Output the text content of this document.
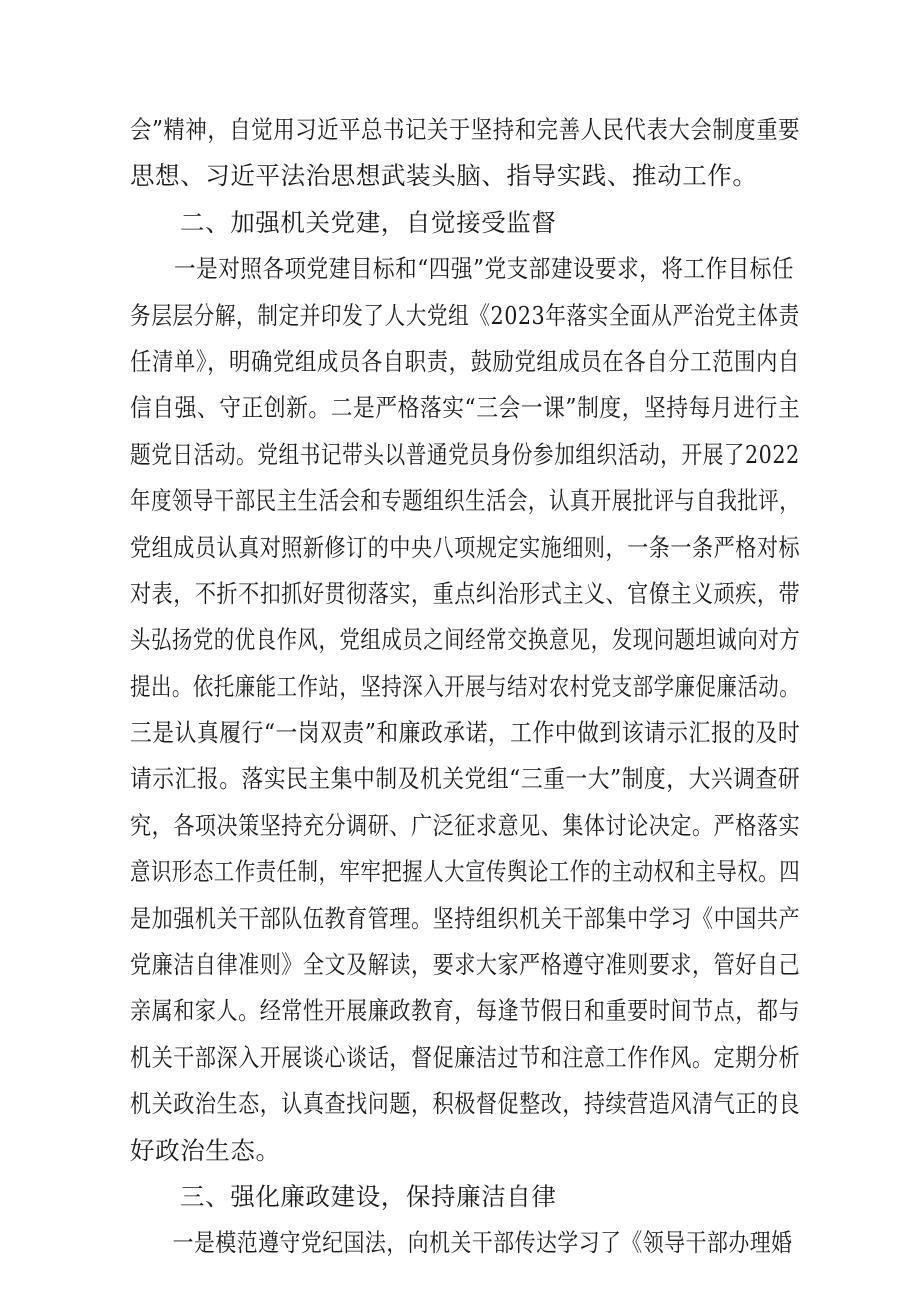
会”精神，自觉用习近平总书记关于坚持和完善人民代表大会制度重要
思想、习近平法治思想武装头脑、指导实践、推动工作。
二、加强机关党建，自觉接受监督
一是对照各项党建目标和“四强”党支部建设要求，将工作目标任
务层层分解，制定并印发了人大党组《2023年落实全面从严治党主体责
任清单》，明确党组成员各自职责，鼓励党组成员在各自分工范围内自
信自强、守正创新。二是严格落实“三会一课”制度，坚持每月进行主
题党日活动。党组书记带头以普通党员身份参加组织活动，开展了2022
年度领导干部民主生活会和专题组织生活会，认真开展批评与自我批评，
党组成员认真对照新修订的中央八项规定实施细则，一条一条严格对标
对表，不折不扣抓好贯彻落实，重点纠治形式主义、官僚主义顽疾，带
头弘扬党的优良作风，党组成员之间经常交换意见，发现问题坦诚向对方
提出。依托廉能工作站，坚持深入开展与结对农村党支部学廉促廉活动。
三是认真履行“一岗双责”和廉政承诺，工作中做到该请示汇报的及时
请示汇报。落实民主集中制及机关党组“三重一大”制度，大兴调查研
究，各项决策坚持充分调研、广泛征求意见、集体讨论决定。严格落实
意识形态工作责任制，牢牢把握人大宣传舆论工作的主动权和主导权。四
是加强机关干部队伍教育管理。坚持组织机关干部集中学习《中国共产
党廉洁自律准则》全文及解读，要求大家严格遵守准则要求，管好自己
亲属和家人。经常性开展廉政教育，每逢节假日和重要时间节点，都与
机关干部深入开展谈心谈话，督促廉洁过节和注意工作作风。定期分析
机关政治生态，认真查找问题，积极督促整改，持续营造风清气正的良
好政治生态。
三、强化廉政建设，保持廉洁自律
一是模范遵守党纪国法，向机关干部传达学习了《领导干部办理婚
